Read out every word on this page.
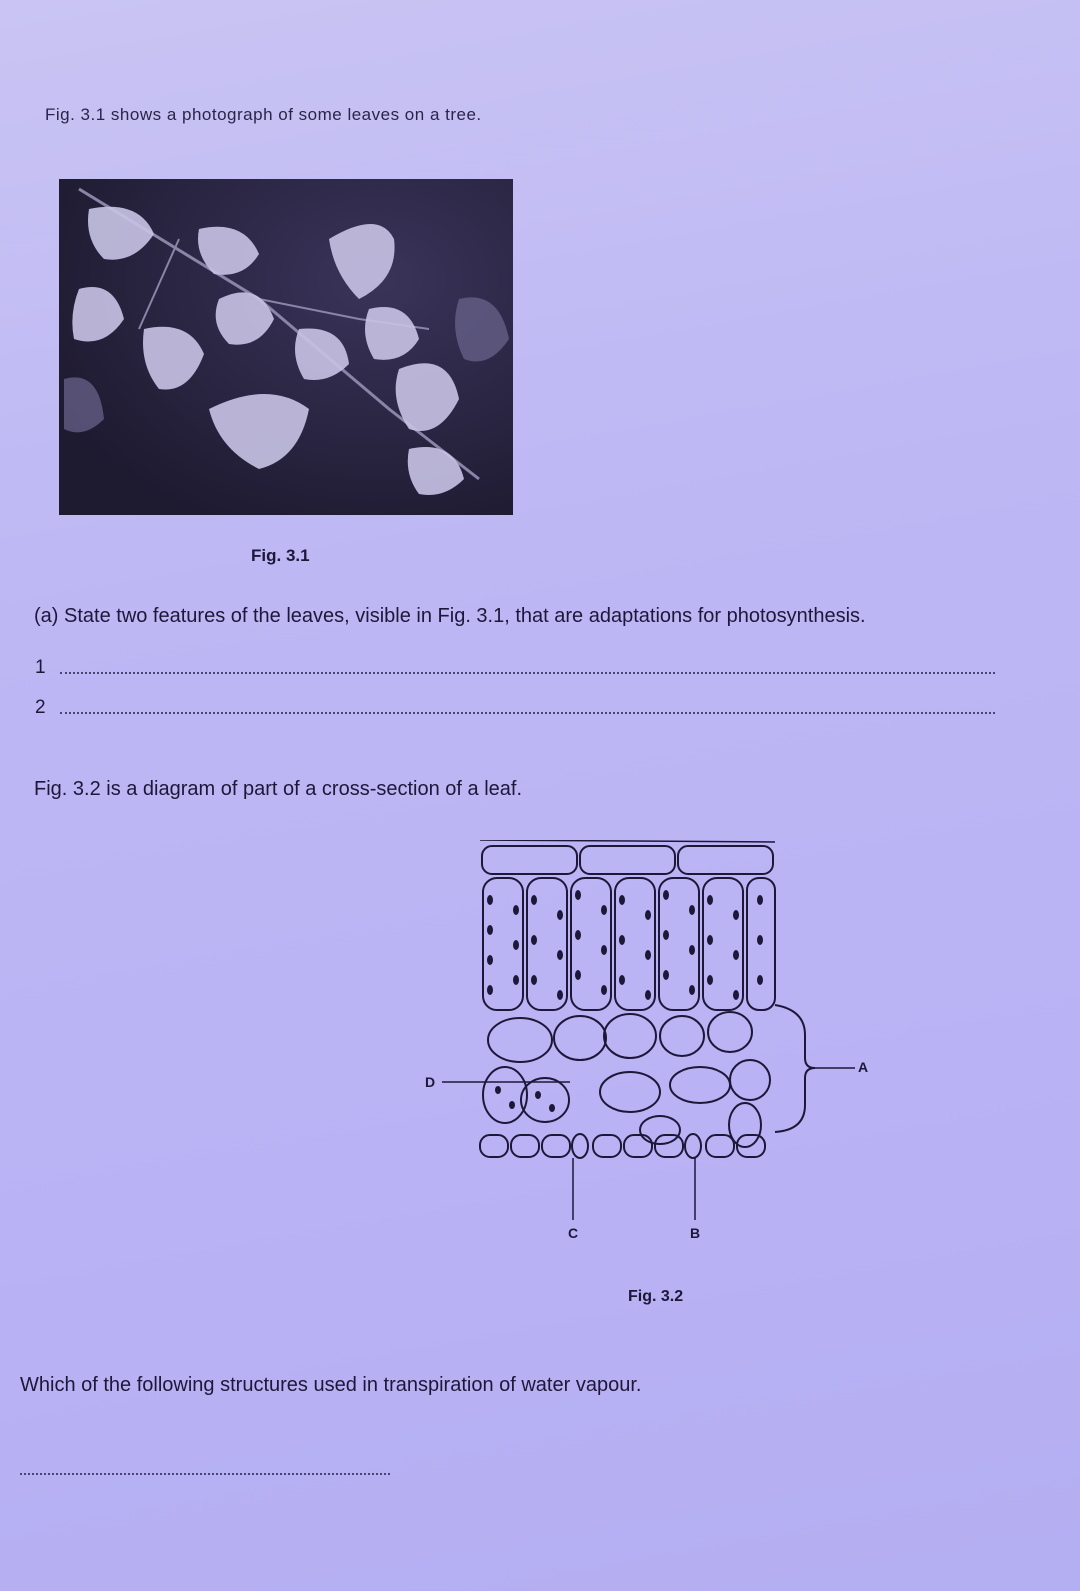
Fig. 3.1 shows a photograph of some leaves on a tree.
Fig. 3.1
(a) State two features of the leaves, visible in Fig. 3.1, that are adaptations for photosynthesis.
1
2
Fig. 3.2 is a diagram of part of a cross-section of a leaf.
A
D
C	B
Fig. 3.2
Which of the following structures used in transpiration of water vapour.
